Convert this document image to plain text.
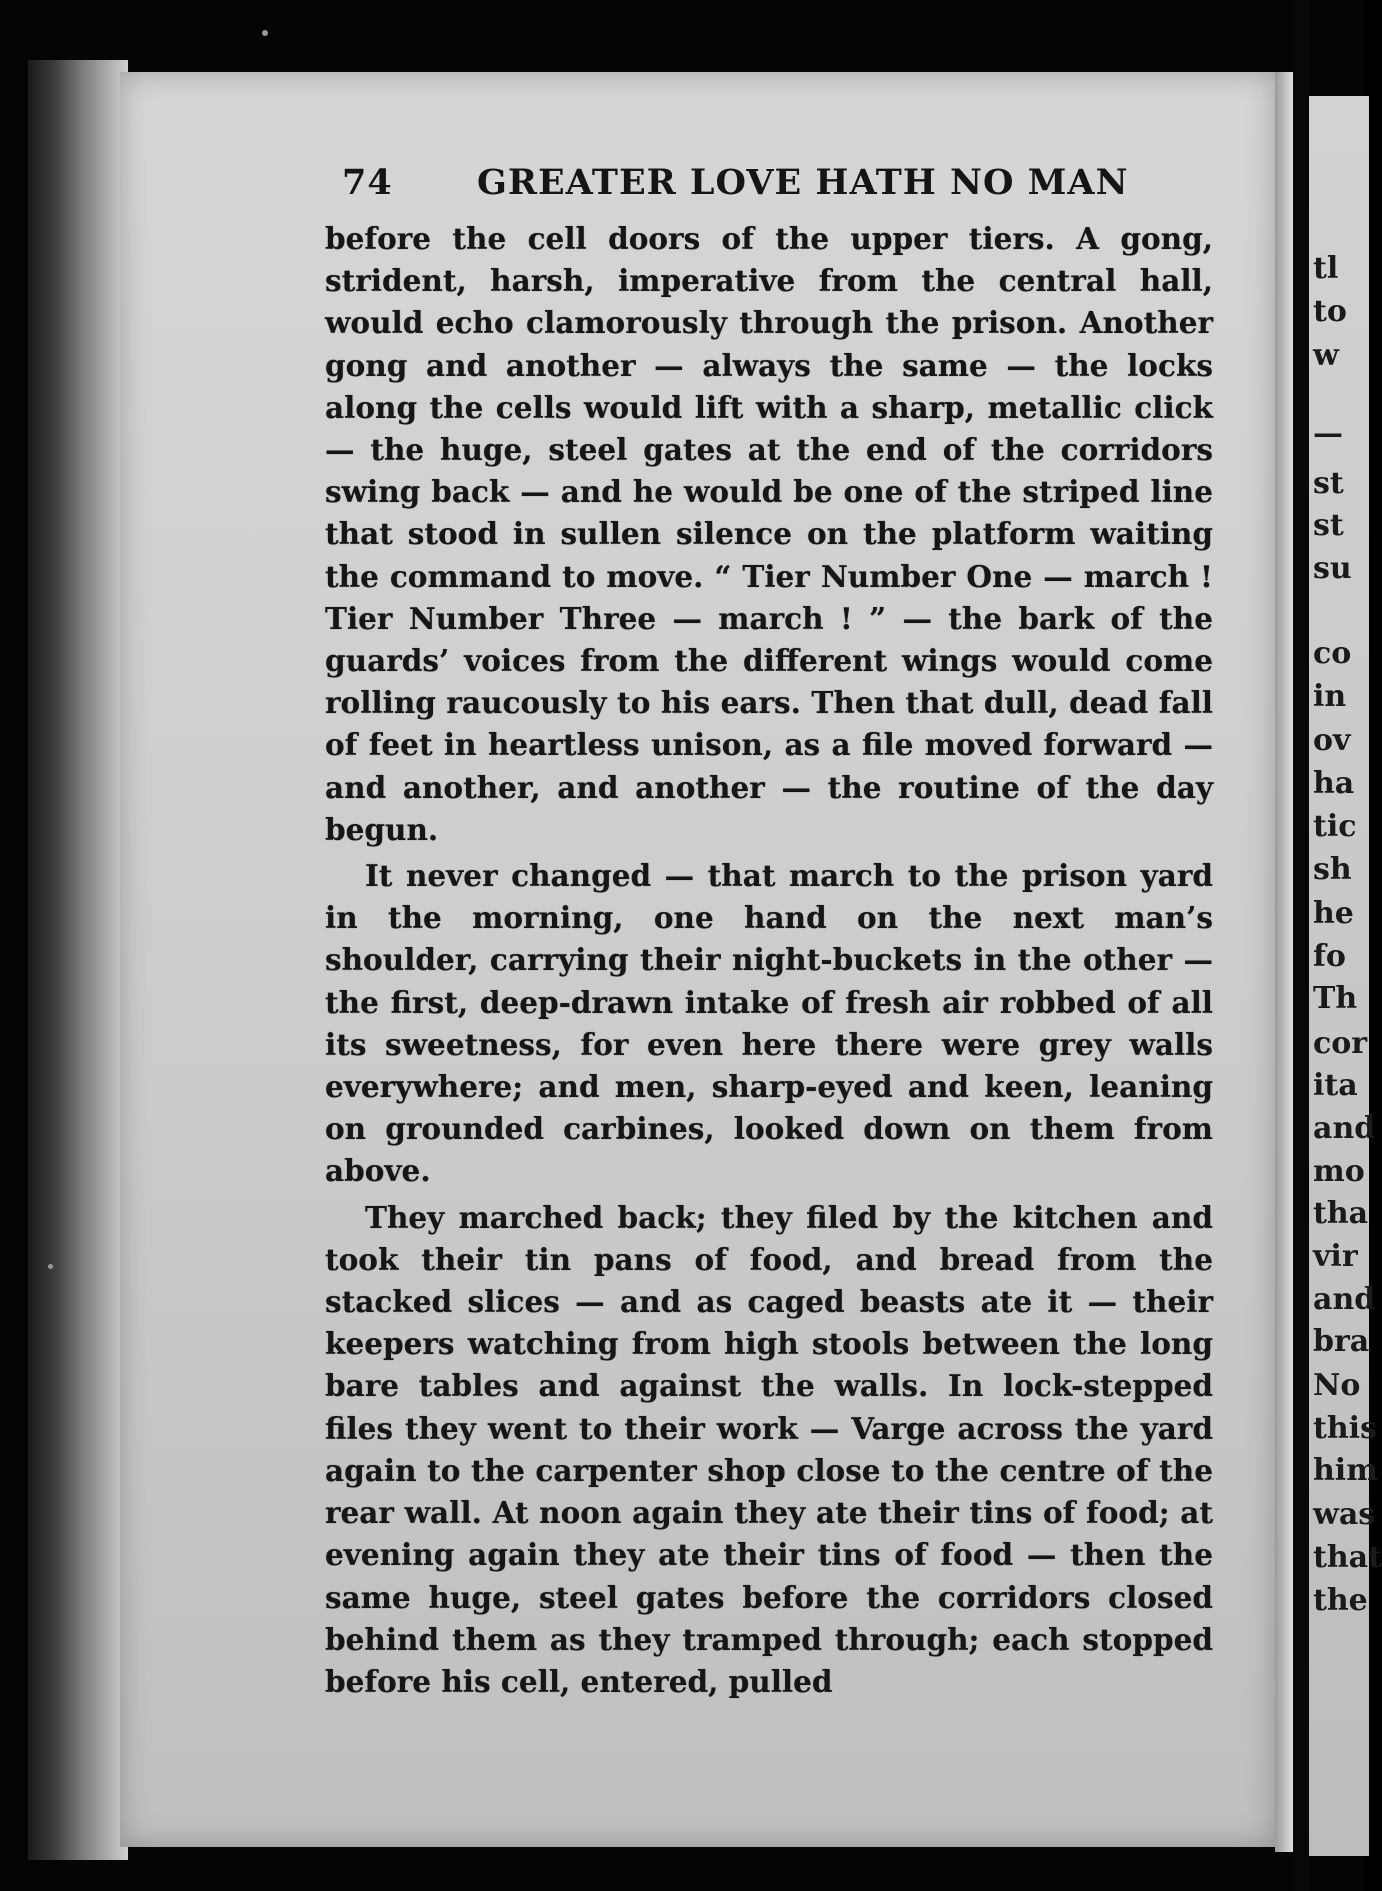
tl
to
w
—
st
st
su
co
in
ov
ha
tic
sh
he
fo
Th
cor
ita
and
mo
tha
vir
and
bra
No
this
him
was
that
the
74 GREATER LOVE HATH NO MAN

before the cell doors of the upper tiers. A gong, strident, harsh, imperative from the central hall, would echo clamorously through the prison. Another gong and another — always the same — the locks along the cells would lift with a sharp, metallic click — the huge, steel gates at the end of the corridors swing back — and he would be one of the striped line that stood in sullen silence on the platform waiting the command to move. “ Tier Number One — march ! Tier Number Three — march ! ” — the bark of the guards’ voices from the different wings would come rolling raucously to his ears. Then that dull, dead fall of feet in heartless unison, as a file moved forward — and another, and another — the routine of the day begun.

It never changed — that march to the prison yard in the morning, one hand on the next man’s shoulder, carrying their night-buckets in the other — the first, deep-drawn intake of fresh air robbed of all its sweetness, for even here there were grey walls everywhere; and men, sharp-eyed and keen, leaning on grounded carbines, looked down on them from above.

They marched back; they filed by the kitchen and took their tin pans of food, and bread from the stacked slices — and as caged beasts ate it — their keepers watching from high stools between the long bare tables and against the walls. In lock-stepped files they went to their work — Varge across the yard again to the carpenter shop close to the centre of the rear wall. At noon again they ate their tins of food; at evening again they ate their tins of food — then the same huge, steel gates before the corridors closed behind them as they tramped through; each stopped before his cell, entered, pulled
